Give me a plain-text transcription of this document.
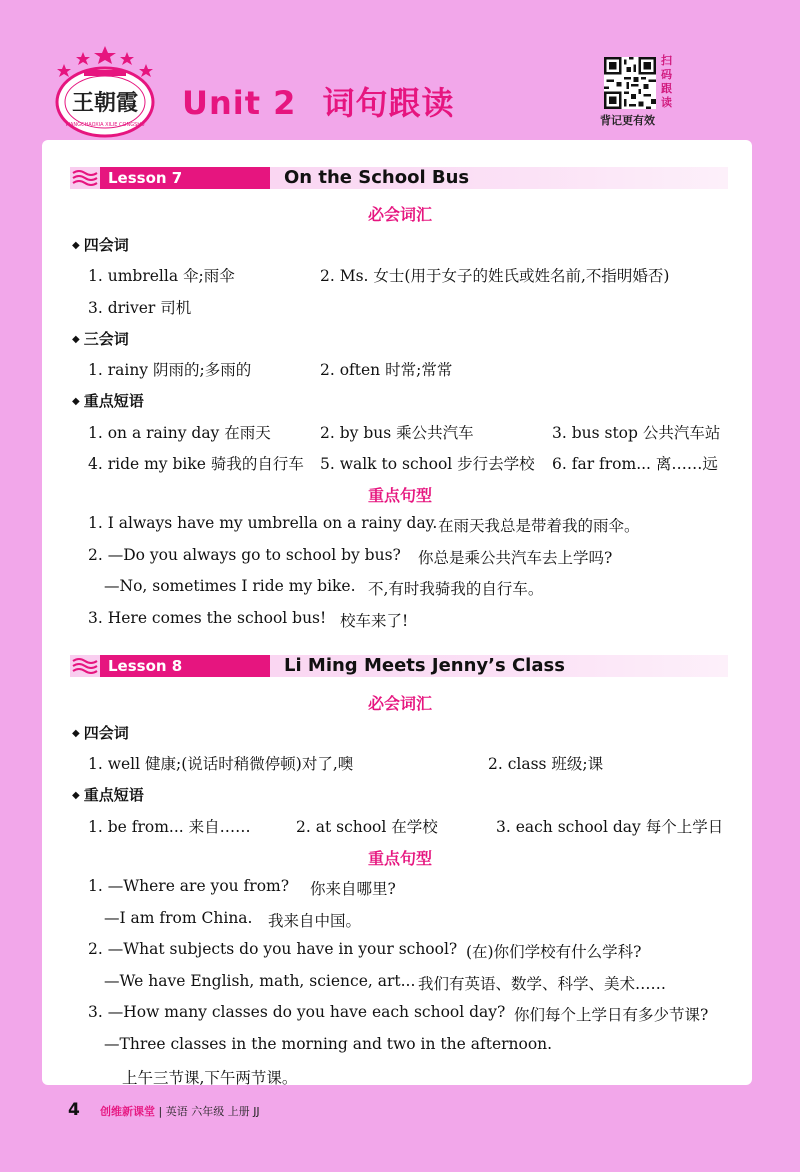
王朝霞
WANGCHAOXIA XILIE CONGSHU
Unit 2 词句跟读
扫码跟读
背记更有效
Lesson 7	On the School Bus
必会词汇
◆ 四会词
1. umbrella 伞;雨伞	2. Ms. 女士(用于女子的姓氏或姓名前,不指明婚否)
3. driver 司机
◆ 三会词
1. rainy 阴雨的;多雨的	2. often 时常;常常
◆ 重点短语
1. on a rainy day 在雨天	2. by bus 乘公共汽车	3. bus stop 公共汽车站
4. ride my bike 骑我的自行车 5. walk to school 步行去学校 6. far from... 离……远
重点句型
1. I always have my umbrella on a rainy day. 在雨天我总是带着我的雨伞。
2. —Do you always go to school by bus? 你总是乘公共汽车去上学吗?
—No, sometimes I ride my bike. 不,有时我骑我的自行车。
3. Here comes the school bus! 校车来了!
Lesson 8	Li Ming Meets Jenny’s Class
必会词汇
◆ 四会词
1. well 健康;(说话时稍微停顿)对了,噢	2. class 班级;课
◆ 重点短语
1. be from... 来自……	2. at school 在学校	3. each school day 每个上学日
重点句型
1. —Where are you from? 你来自哪里?
—I am from China. 我来自中国。
2. —What subjects do you have in your school? (在)你们学校有什么学科?
—We have English, math, science, art... 我们有英语、数学、科学、美术……
3. —How many classes do you have each school day? 你们每个上学日有多少节课?
—Three classes in the morning and two in the afternoon.
上午三节课,下午两节课。
4 创维新课堂 | 英语 六年级 上册 JJ
